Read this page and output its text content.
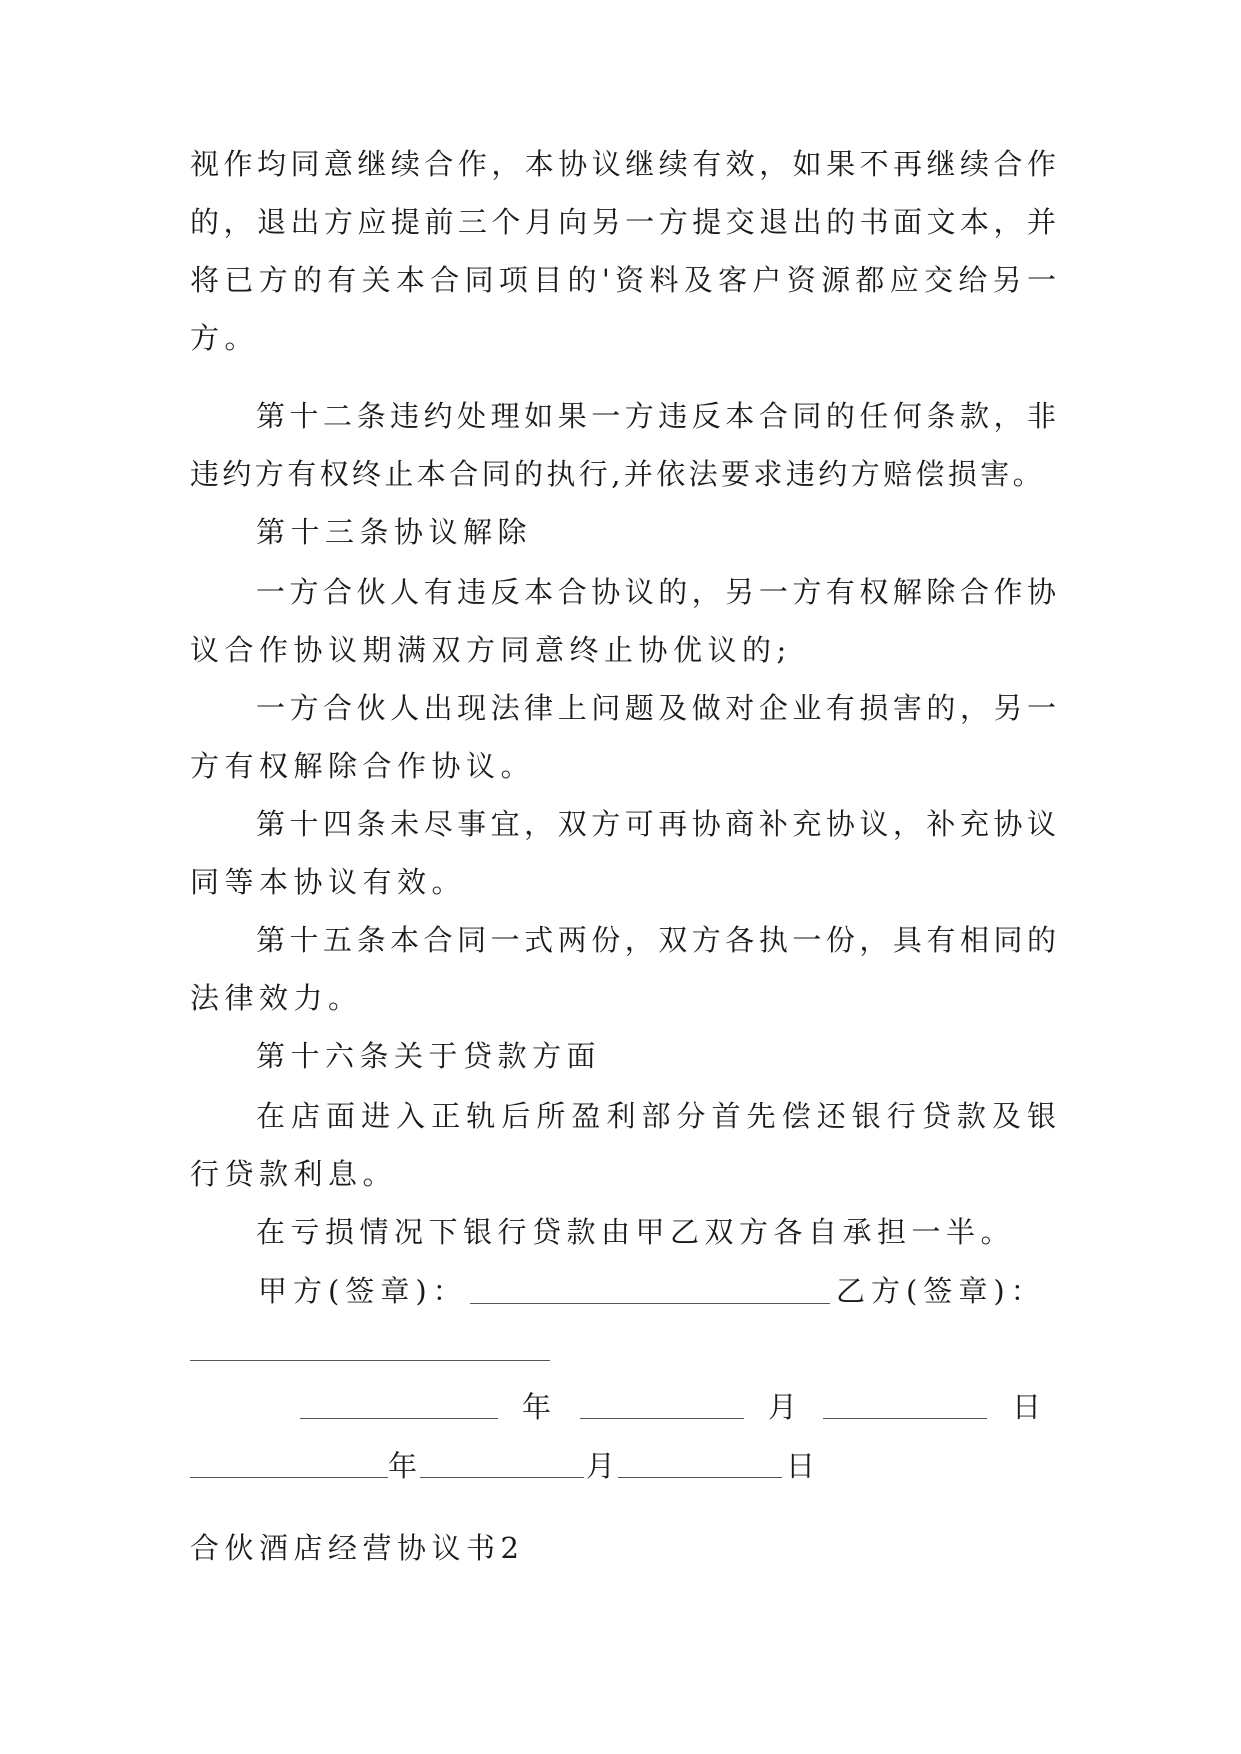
视作均同意继续合作，本协议继续有效，如果不再继续合作
的，退出方应提前三个月向另一方提交退出的书面文本，并
将已方的有关本合同项目的'资料及客户资源都应交给另一
方。
第十二条违约处理如果一方违反本合同的任何条款，非
违约方有权终止本合同的执行,并依法要求违约方赔偿损害。
第十三条协议解除
一方合伙人有违反本合协议的，另一方有权解除合作协
议合作协议期满双方同意终止协优议的;
一方合伙人出现法律上问题及做对企业有损害的，另一
方有权解除合作协议。
第十四条未尽事宜，双方可再协商补充协议，补充协议
同等本协议有效。
第十五条本合同一式两份，双方各执一份，具有相同的
法律效力。
第十六条关于贷款方面
在店面进入正轨后所盈利部分首先偿还银行贷款及银
行贷款利息。
在亏损情况下银行贷款由甲乙双方各自承担一半。
甲方(签章)：	乙方(签章)：
年	月	日
年	月	日
合伙酒店经营协议书2
